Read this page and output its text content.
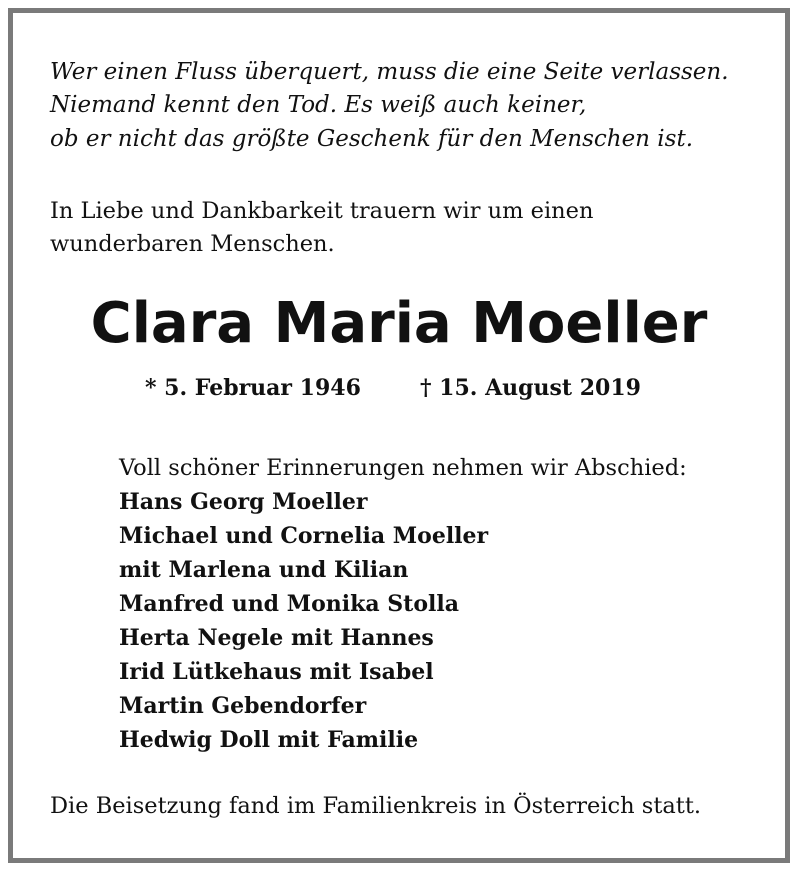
Wer einen Fluss überquert, muss die eine Seite verlassen.
Niemand kennt den Tod. Es weiß auch keiner,
ob er nicht das größte Geschenk für den Menschen ist.
In Liebe und Dankbarkeit trauern wir um einen
wunderbaren Menschen.
Clara Maria Moeller
* 5. Februar 1946	† 15. August 2019
Voll schöner Erinnerungen nehmen wir Abschied:
Hans Georg Moeller
Michael und Cornelia Moeller
mit Marlena und Kilian
Manfred und Monika Stolla
Herta Negele mit Hannes
Irid Lütkehaus mit Isabel
Martin Gebendorfer
Hedwig Doll mit Familie
Die Beisetzung fand im Familienkreis in Österreich statt.
